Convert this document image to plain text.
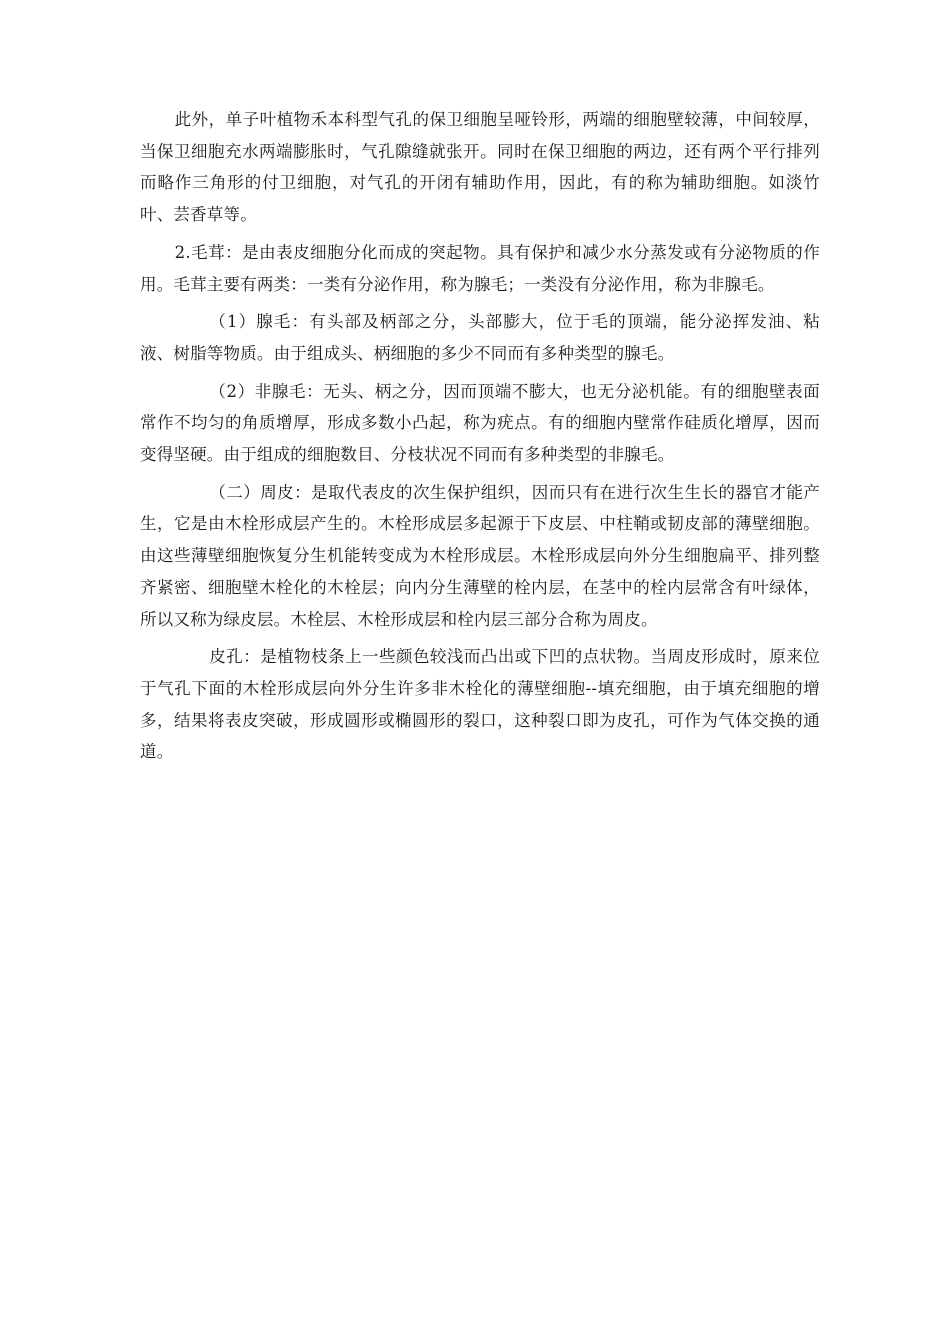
此外，单子叶植物禾本科型气孔的保卫细胞呈哑铃形，两端的细胞壁较薄，中间较厚，当保卫细胞充水两端膨胀时，气孔隙缝就张开。同时在保卫细胞的两边，还有两个平行排列而略作三角形的付卫细胞，对气孔的开闭有辅助作用，因此，有的称为辅助细胞。如淡竹叶、芸香草等。

2.毛茸：是由表皮细胞分化而成的突起物。具有保护和减少水分蒸发或有分泌物质的作用。毛茸主要有两类：一类有分泌作用，称为腺毛；一类没有分泌作用，称为非腺毛。

（1）腺毛：有头部及柄部之分，头部膨大，位于毛的顶端，能分泌挥发油、粘液、树脂等物质。由于组成头、柄细胞的多少不同而有多种类型的腺毛。

（2）非腺毛：无头、柄之分，因而顶端不膨大，也无分泌机能。有的细胞壁表面常作不均匀的角质增厚，形成多数小凸起，称为疣点。有的细胞内壁常作硅质化增厚，因而变得坚硬。由于组成的细胞数目、分枝状况不同而有多种类型的非腺毛。

（二）周皮：是取代表皮的次生保护组织，因而只有在进行次生生长的器官才能产生，它是由木栓形成层产生的。木栓形成层多起源于下皮层、中柱鞘或韧皮部的薄壁细胞。由这些薄壁细胞恢复分生机能转变成为木栓形成层。木栓形成层向外分生细胞扁平、排列整齐紧密、细胞壁木栓化的木栓层；向内分生薄壁的栓内层，在茎中的栓内层常含有叶绿体，所以又称为绿皮层。木栓层、木栓形成层和栓内层三部分合称为周皮。

皮孔：是植物枝条上一些颜色较浅而凸出或下凹的点状物。当周皮形成时，原来位于气孔下面的木栓形成层向外分生许多非木栓化的薄壁细胞--填充细胞，由于填充细胞的增多，结果将表皮突破，形成圆形或椭圆形的裂口，这种裂口即为皮孔，可作为气体交换的通道。
